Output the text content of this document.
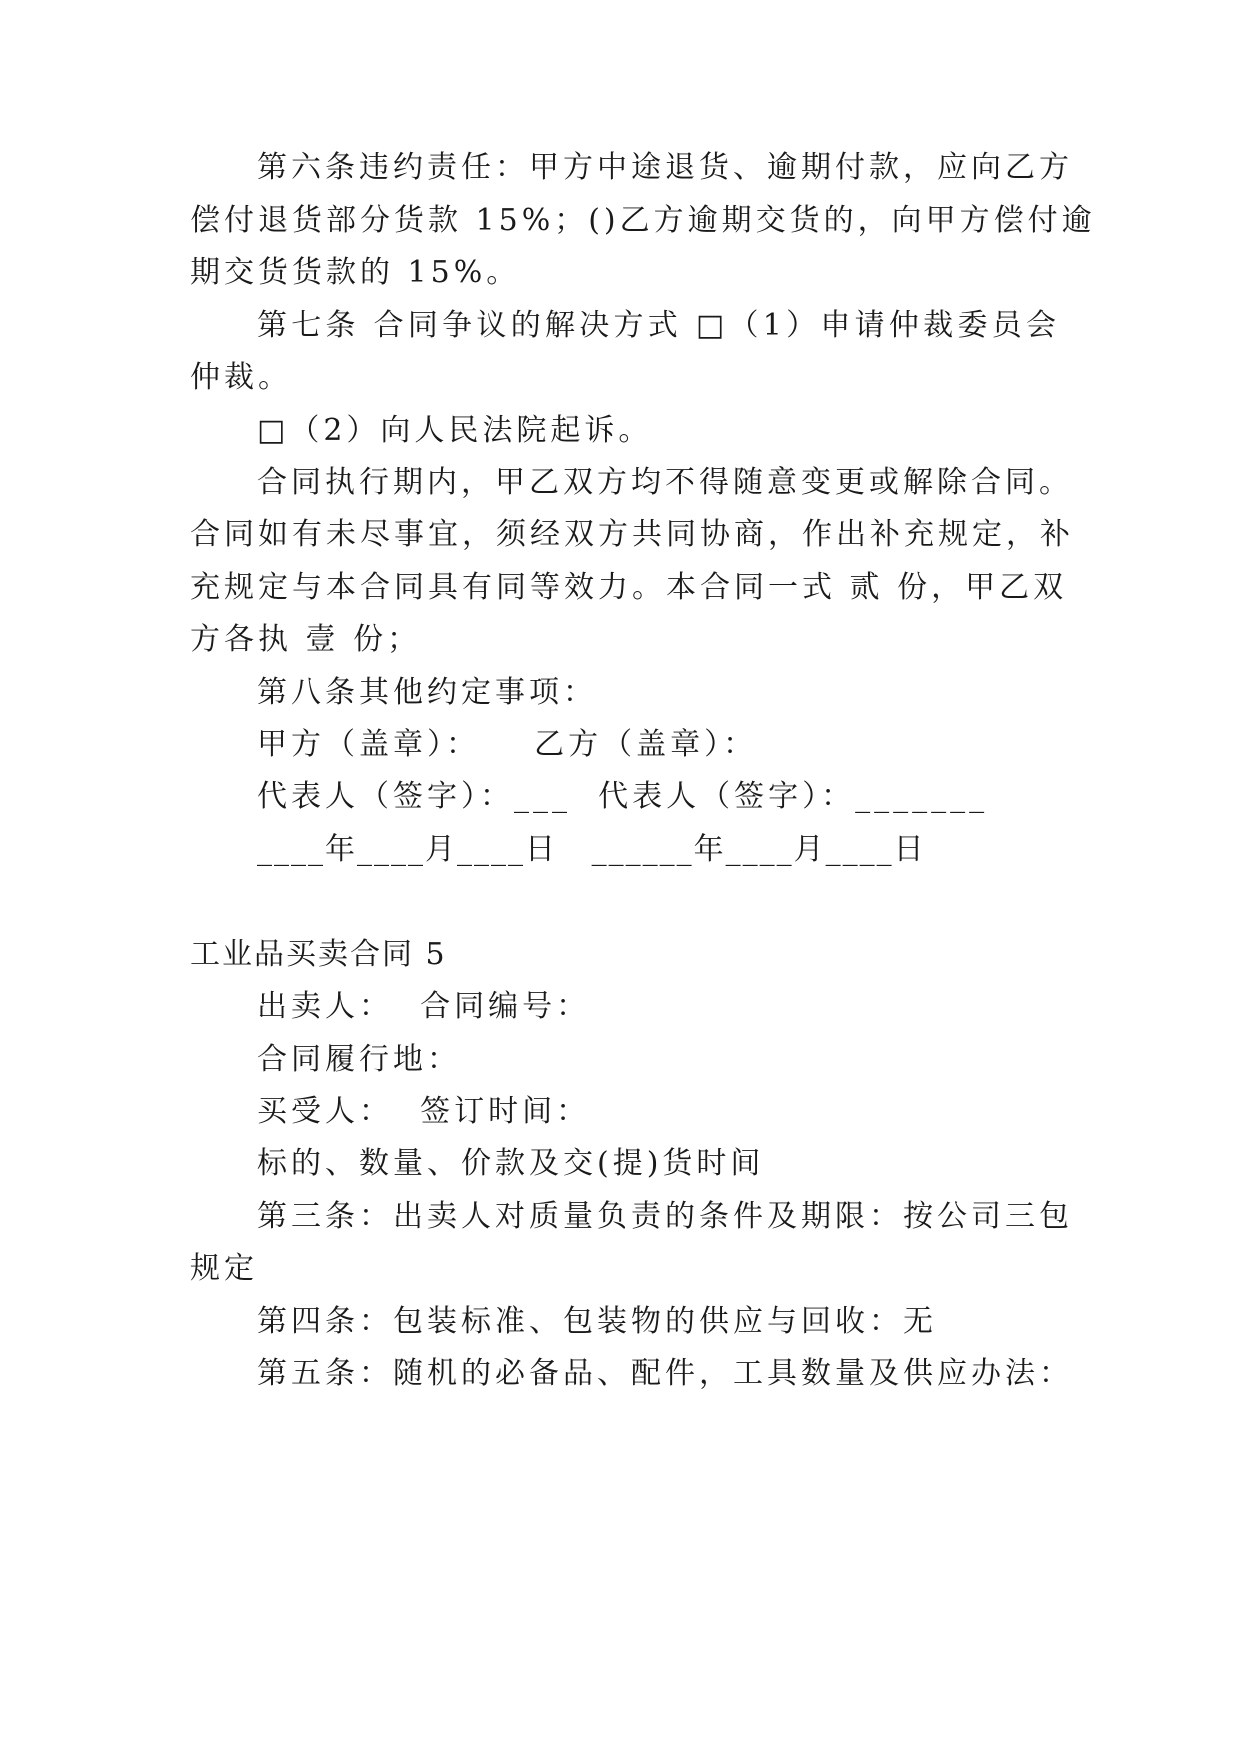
第六条违约责任：甲方中途退货、逾期付款，应向乙方
偿付退货部分货款 15%；()乙方逾期交货的，向甲方偿付逾
期交货货款的 15%。
第七条 合同争议的解决方式 □（1）申请仲裁委员会
仲裁。
□（2）向人民法院起诉。
合同执行期内，甲乙双方均不得随意变更或解除合同。
合同如有未尽事宜，须经双方共同协商，作出补充规定，补
充规定与本合同具有同等效力。本合同一式 贰 份，甲乙双
方各执 壹 份；
第八条其他约定事项：
甲方（盖章）：    乙方（盖章）：
代表人（签字）：___  代表人（签字）：_______
____年____月____日   ______年____月____日
工业品买卖合同 5
出卖人：  合同编号：
合同履行地：
买受人：  签订时间：
标的、数量、价款及交(提)货时间
第三条：出卖人对质量负责的条件及期限：按公司三包
规定
第四条：包装标准、包装物的供应与回收：无
第五条：随机的必备品、配件，工具数量及供应办法：
